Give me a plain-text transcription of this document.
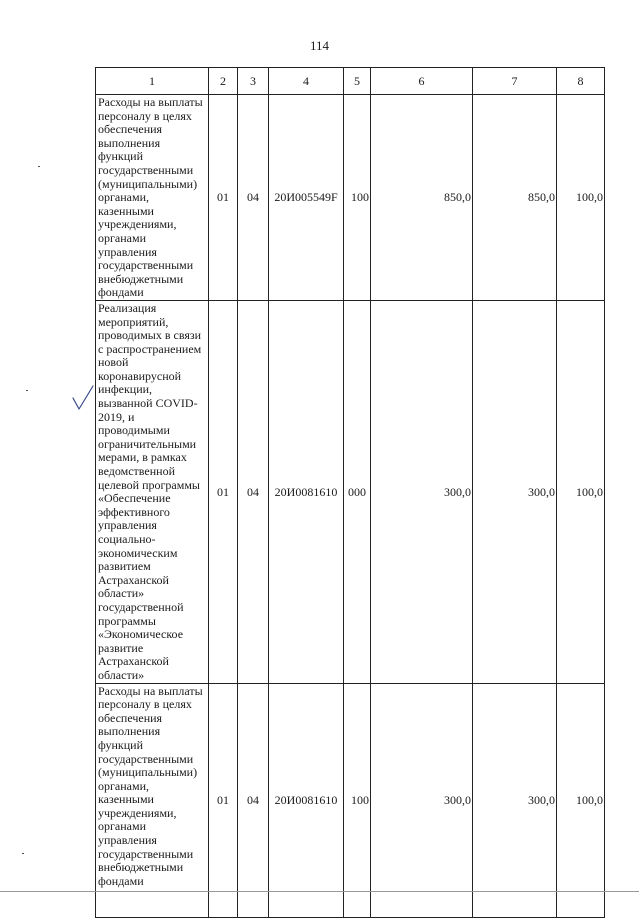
114
1	2	3	4	5	6	7	8
Расходы на выплаты персоналу в целях обеспечения выполнения функций государственными (муниципальными) органами, казенными учреждениями, органами управления государственными внебюджетными фондами	01	04	20И005549F	100	850,0	850,0	100,0
Реализация мероприятий, проводимых в связи с распространением новой коронавирусной инфекции, вызванной COVID-2019, и проводимыми ограничительными мерами, в рамках ведомственной целевой программы «Обеспечение эффективного управления социально-экономическим развитием Астраханской области» государственной программы «Экономическое развитие Астраханской области»	01	04	20И0081610	000	300,0	300,0	100,0
Расходы на выплаты персоналу в целях обеспечения выполнения функций государственными (муниципальными) органами, казенными учреждениями, органами управления государственными внебюджетными фондами	01	04	20И0081610	100	300,0	300,0	100,0
